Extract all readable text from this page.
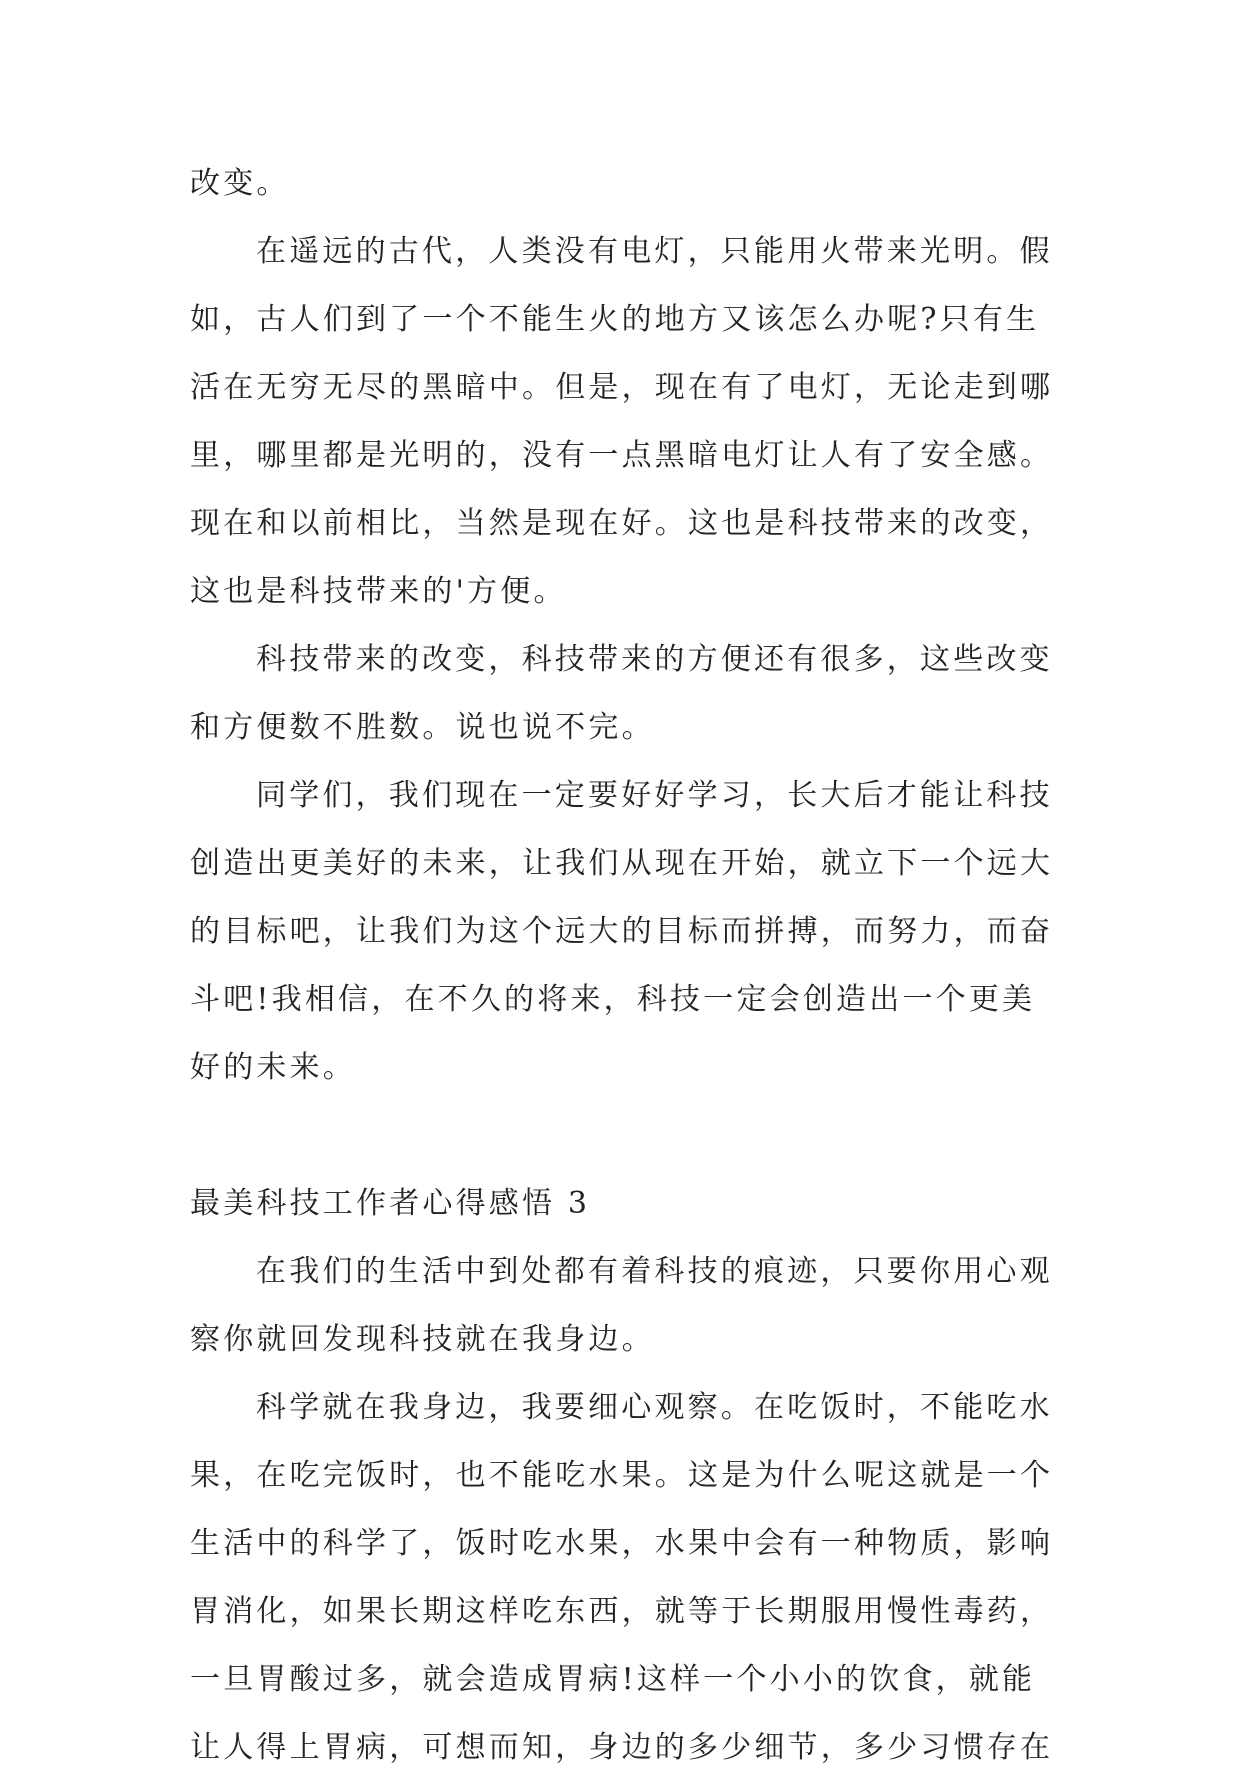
改变。
在遥远的古代，人类没有电灯，只能用火带来光明。假
如，古人们到了一个不能生火的地方又该怎么办呢?只有生
活在无穷无尽的黑暗中。但是，现在有了电灯，无论走到哪
里，哪里都是光明的，没有一点黑暗电灯让人有了安全感。
现在和以前相比，当然是现在好。这也是科技带来的改变，
这也是科技带来的'方便。
科技带来的改变，科技带来的方便还有很多，这些改变
和方便数不胜数。说也说不完。
同学们，我们现在一定要好好学习，长大后才能让科技
创造出更美好的未来，让我们从现在开始，就立下一个远大
的目标吧，让我们为这个远大的目标而拼搏，而努力，而奋
斗吧!我相信，在不久的将来，科技一定会创造出一个更美
好的未来。
最美科技工作者心得感悟 3
在我们的生活中到处都有着科技的痕迹，只要你用心观
察你就回发现科技就在我身边。
科学就在我身边，我要细心观察。在吃饭时，不能吃水
果，在吃完饭时，也不能吃水果。这是为什么呢这就是一个
生活中的科学了，饭时吃水果，水果中会有一种物质，影响
胃消化，如果长期这样吃东西，就等于长期服用慢性毒药，
一旦胃酸过多，就会造成胃病!这样一个小小的饮食，就能
让人得上胃病，可想而知，身边的多少细节，多少习惯存在
